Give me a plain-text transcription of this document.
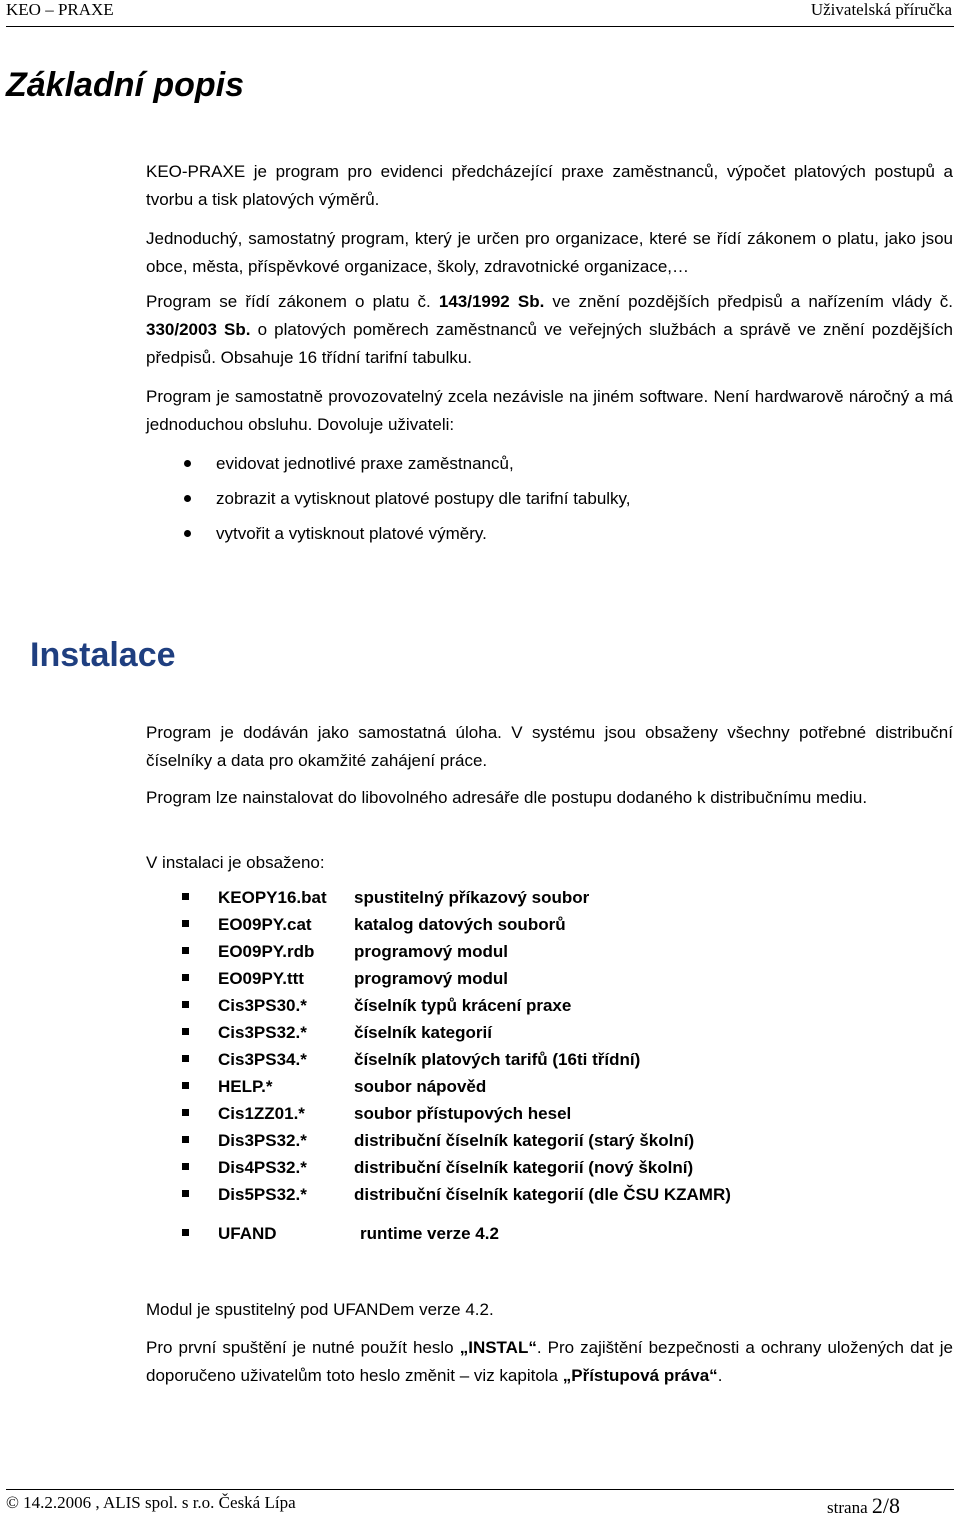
KEO – PRAXE	Uživatelská příručka
Základní popis

KEO-PRAXE je program pro evidenci předcházející praxe zaměstnanců, výpočet platových postupů a tvorbu a tisk platových výměrů.

Jednoduchý, samostatný program, který je určen pro organizace, které se řídí zákonem o platu, jako jsou obce, města, příspěvkové organizace, školy, zdravotnické organizace,…

Program se řídí zákonem o platu č. 143/1992 Sb. ve znění pozdějších předpisů a nařízením vlády č. 330/2003 Sb. o platových poměrech zaměstnanců ve veřejných službách a správě ve znění pozdějších předpisů. Obsahuje 16 třídní tarifní tabulku.

Program je samostatně provozovatelný zcela nezávisle na jiném software. Není hardwarově náročný a má jednoduchou obsluhu. Dovoluje uživateli:

evidovat jednotlivé praxe zaměstnanců,
zobrazit a vytisknout platové postupy dle tarifní tabulky,
vytvořit a vytisknout platové výměry.
Instalace

Program je dodáván jako samostatná úloha. V systému jsou obsaženy všechny potřebné distribuční číselníky a data pro okamžité zahájení práce.

Program lze nainstalovat do libovolného adresáře dle postupu dodaného k distribučnímu mediu.

V instalaci je obsaženo:

KEOPY16.bat spustitelný příkazový soubor
EO09PY.cat katalog datových souborů
EO09PY.rdb programový modul
EO09PY.ttt	programový modul
Cis3PS30.*	číselník typů krácení praxe
Cis3PS32.*	číselník kategorií
Cis3PS34.*	číselník platových tarifů (16ti třídní)
HELP.*	soubor nápověd
Cis1ZZ01.*	soubor přístupových hesel
Dis3PS32.*	distribuční číselník kategorií (starý školní)
Dis4PS32.*	distribuční číselník kategorií (nový školní)
Dis5PS32.*	distribuční číselník kategorií (dle ČSU KZAMR)
UFAND	runtime verze 4.2

Modul je spustitelný pod UFANDem verze 4.2.

Pro první spuštění je nutné použít heslo „INSTAL“. Pro zajištění bezpečnosti a ochrany uložených dat je doporučeno uživatelům toto heslo změnit – viz kapitola „Přístupová práva“.

© 14.2.2006 , ALIS spol. s r.o. Česká Lípa	strana 2/8
